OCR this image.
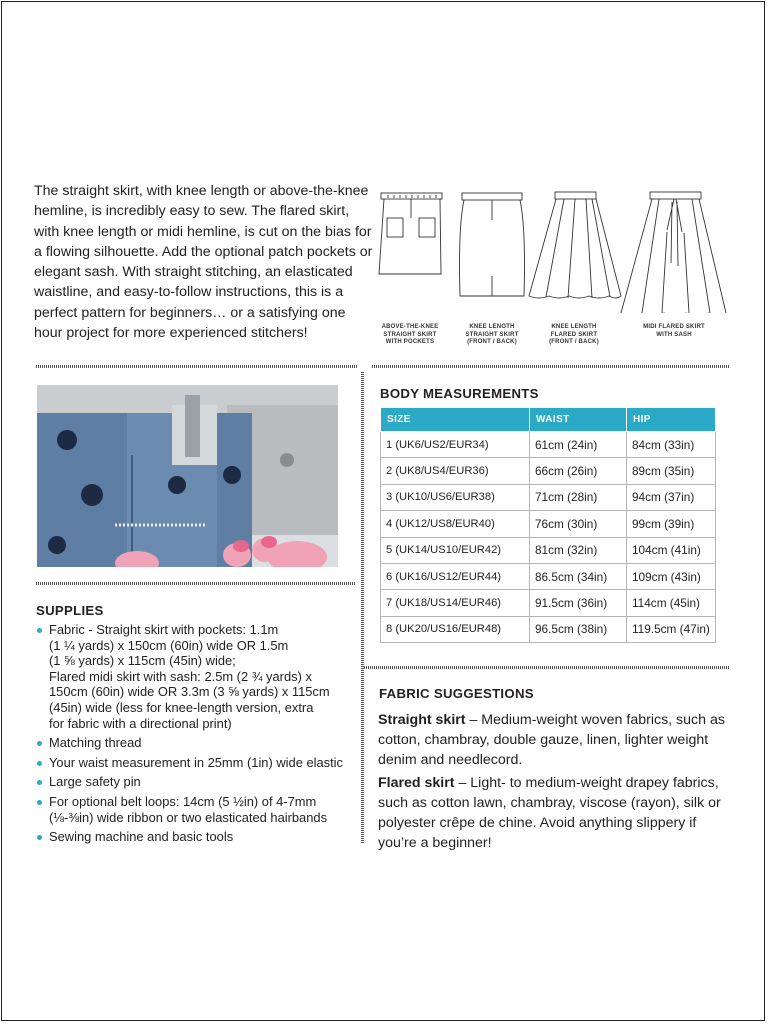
The straight skirt, with knee length or above-the-knee hemline, is incredibly easy to sew. The flared skirt, with knee length or midi hemline, is cut on the bias for a flowing silhouette. Add the optional patch pockets or elegant sash. With straight stitching, an elasticated waistline, and easy-to-follow instructions, this is a perfect pattern for beginners… or a satisfying one hour project for more experienced stitchers!	ABOVE-THE-KNEE
STRAIGHT SKIRT
WITH POCKETS
KNEE LENGTH
STRAIGHT SKIRT
(FRONT / BACK)
KNEE LENGTH
FLARED SKIRT
(FRONT / BACK)
MIDI FLARED SKIRT
WITH SASH
BODY MEASUREMENTS
SIZE	WAIST	HIP
1 (UK6/US2/EUR34)	61cm (24in)	84cm (33in)
2 (UK8/US4/EUR36)	66cm (26in)	89cm (35in)
3 (UK10/US6/EUR38)	71cm (28in)	94cm (37in)
4 (UK12/US8/EUR40)	76cm (30in)	99cm (39in)
5 (UK14/US10/EUR42)	81cm (32in)	104cm (41in)
6 (UK16/US12/EUR44)	86.5cm (34in)	109cm (43in)
7 (UK18/US14/EUR46)	91.5cm (36in)	114cm (45in)
8 (UK20/US16/EUR48)	96.5cm (38in)	119.5cm (47in)
SUPPLIES
Fabric - Straight skirt with pockets: 1.1m
(1 ¼ yards) x 150cm (60in) wide OR 1.5m
(1 ⅝ yards) x 115cm (45in) wide;
Flared midi skirt with sash: 2.5m (2 ¾ yards) x
150cm (60in) wide OR 3.3m (3 ⅝ yards) x 115cm
(45in) wide (less for knee-length version, extra
for fabric with a directional print)
Matching thread
Your waist measurement in 25mm (1in) wide elastic
Large safety pin
For optional belt loops: 14cm (5 ½in) of 4-7mm
(⅛-⅜in) wide ribbon or two elasticated hairbands
Sewing machine and basic tools
FABRIC SUGGESTIONS

Straight skirt – Medium-weight woven fabrics, such as cotton, chambray, double gauze, linen, lighter weight denim and needlecord.

Flared skirt – Light- to medium-weight drapey fabrics, such as cotton lawn, chambray, viscose (rayon), silk or polyester crêpe de chine. Avoid anything slippery if you’re a beginner!
